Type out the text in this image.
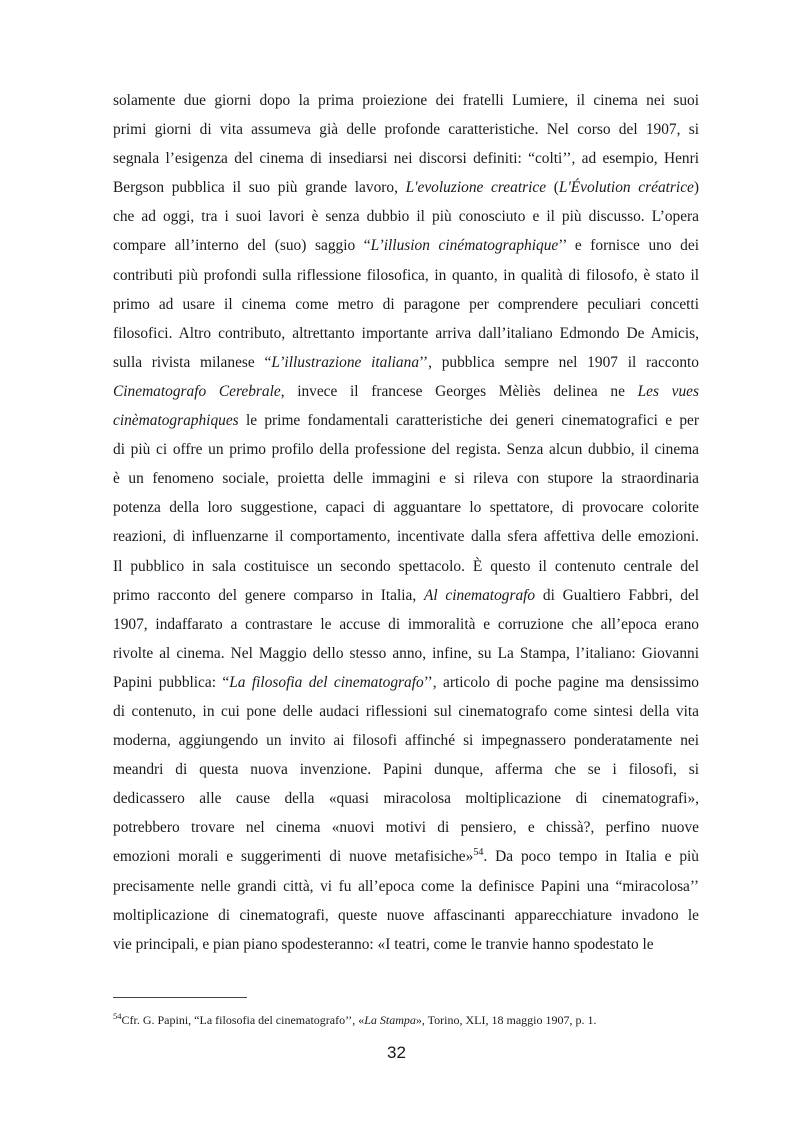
solamente due giorni dopo la prima proiezione dei fratelli Lumiere, il cinema nei suoi
primi giorni di vita assumeva già delle profonde caratteristiche. Nel corso del 1907, si
segnala l’esigenza del cinema di insediarsi nei discorsi definiti: “colti’’, ad esempio, Henri
Bergson pubblica il suo più grande lavoro, L'evoluzione creatrice (L'Évolution créatrice)
che ad oggi, tra i suoi lavori è senza dubbio il più conosciuto e il più discusso. L’opera
compare all’interno del (suo) saggio “L’illusion cinématographique’’ e fornisce uno dei
contributi più profondi sulla riflessione filosofica, in quanto, in qualità di filosofo, è stato il
primo ad usare il cinema come metro di paragone per comprendere peculiari concetti
filosofici. Altro contributo, altrettanto importante arriva dall’italiano Edmondo De Amicis,
sulla rivista milanese “L’illustrazione italiana’’, pubblica sempre nel 1907 il racconto
Cinematografo Cerebrale, invece il francese Georges Mèliès delinea ne Les vues
cinèmatographiques le prime fondamentali caratteristiche dei generi cinematografici e per
di più ci offre un primo profilo della professione del regista. Senza alcun dubbio, il cinema
è un fenomeno sociale, proietta delle immagini e si rileva con stupore la straordinaria
potenza della loro suggestione, capaci di agguantare lo spettatore, di provocare colorite
reazioni, di influenzarne il comportamento, incentivate dalla sfera affettiva delle emozioni.
Il pubblico in sala costituisce un secondo spettacolo. È questo il contenuto centrale del
primo racconto del genere comparso in Italia, Al cinematografo di Gualtiero Fabbri, del
1907, indaffarato a contrastare le accuse di immoralità e corruzione che all’epoca erano
rivolte al cinema. Nel Maggio dello stesso anno, infine, su La Stampa, l’italiano: Giovanni
Papini pubblica: “La filosofia del cinematografo’’, articolo di poche pagine ma densissimo
di contenuto, in cui pone delle audaci riflessioni sul cinematografo come sintesi della vita
moderna, aggiungendo un invito ai filosofi affinché si impegnassero ponderatamente nei
meandri di questa nuova invenzione. Papini dunque, afferma che se i filosofi, si
dedicassero alle cause della «quasi miracolosa moltiplicazione di cinematografi»,
potrebbero trovare nel cinema «nuovi motivi di pensiero, e chissà?, perfino nuove
emozioni morali e suggerimenti di nuove metafisiche»$^{54}$. Da poco tempo in Italia e più
precisamente nelle grandi città, vi fu all’epoca come la definisce Papini una “miracolosa’’
moltiplicazione di cinematografi, queste nuove affascinanti apparecchiature invadono le
vie principali, e pian piano spodesteranno: «I teatri, come le tranvie hanno spodestato le
$^{54}$Cfr. G. Papini, “La filosofia del cinematografo’’, «La Stampa», Torino, XLI, 18 maggio 1907, p. 1.
32
